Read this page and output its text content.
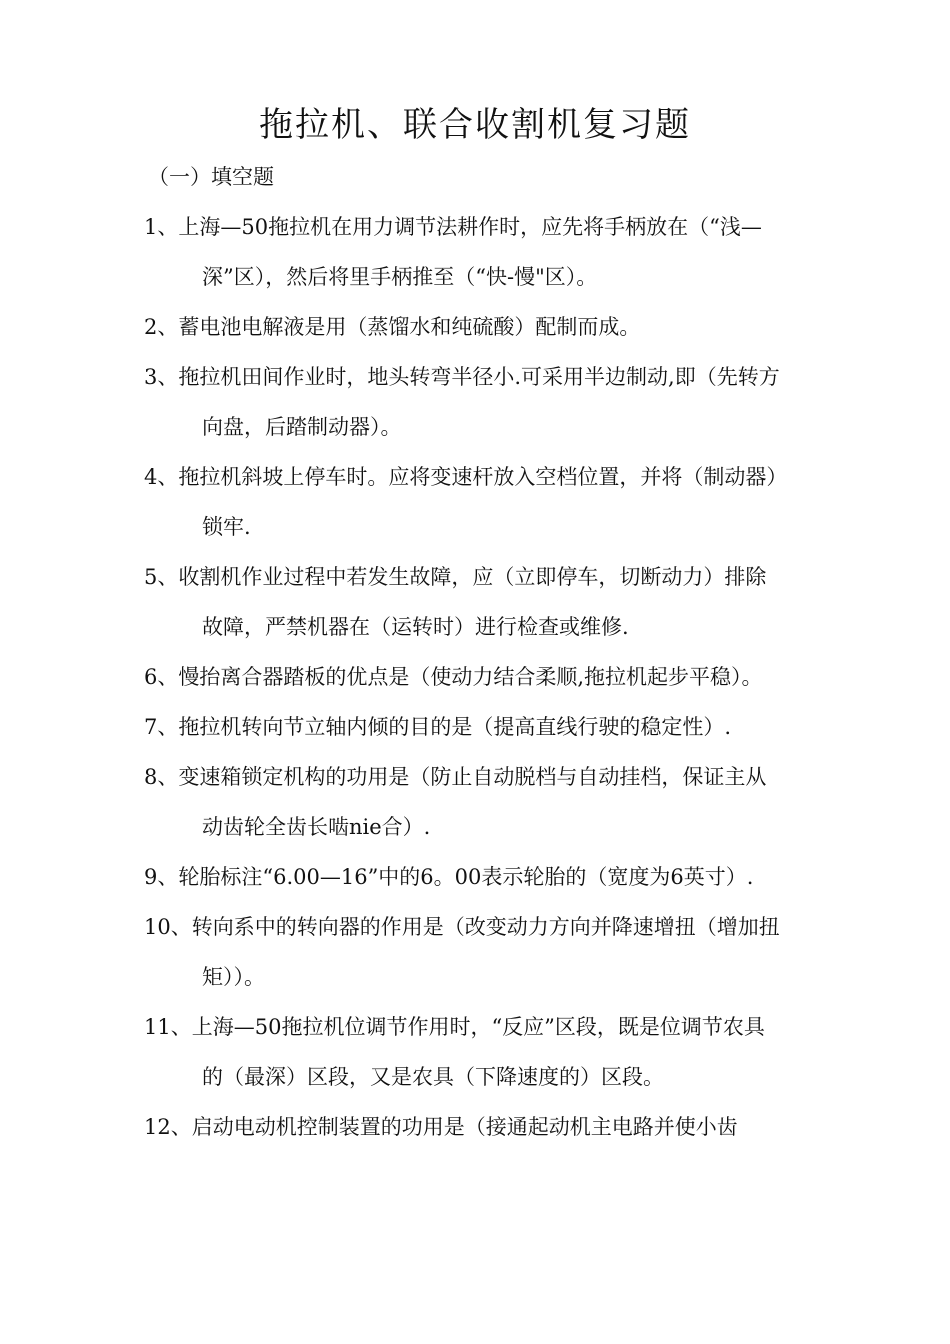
拖拉机、联合收割机复习题
（一）填空题
1、上海—50拖拉机在用力调节法耕作时，应先将手柄放在（“浅—
深”区），然后将里手柄推至（“快-慢"区）。
2、蓄电池电解液是用（蒸馏水和纯硫酸）配制而成。
3、拖拉机田间作业时，地头转弯半径小.可采用半边制动,即（先转方
向盘，后踏制动器）。
4、拖拉机斜坡上停车时。应将变速杆放入空档位置，并将（制动器）
锁牢.
5、收割机作业过程中若发生故障，应（立即停车，切断动力）排除
故障，严禁机器在（运转时）进行检查或维修.
6、慢抬离合器踏板的优点是（使动力结合柔顺,拖拉机起步平稳）。
7、拖拉机转向节立轴内倾的目的是（提高直线行驶的稳定性）.
8、变速箱锁定机构的功用是（防止自动脱档与自动挂档，保证主从
动齿轮全齿长啮nie合）.
9、轮胎标注“6.00—16”中的6。00表示轮胎的（宽度为6英寸）.
10、转向系中的转向器的作用是（改变动力方向并降速增扭（增加扭
矩））。
11、上海—50拖拉机位调节作用时，“反应”区段，既是位调节农具
的（最深）区段，又是农具（下降速度的）区段。
12、启动电动机控制装置的功用是（接通起动机主电路并使小齿
